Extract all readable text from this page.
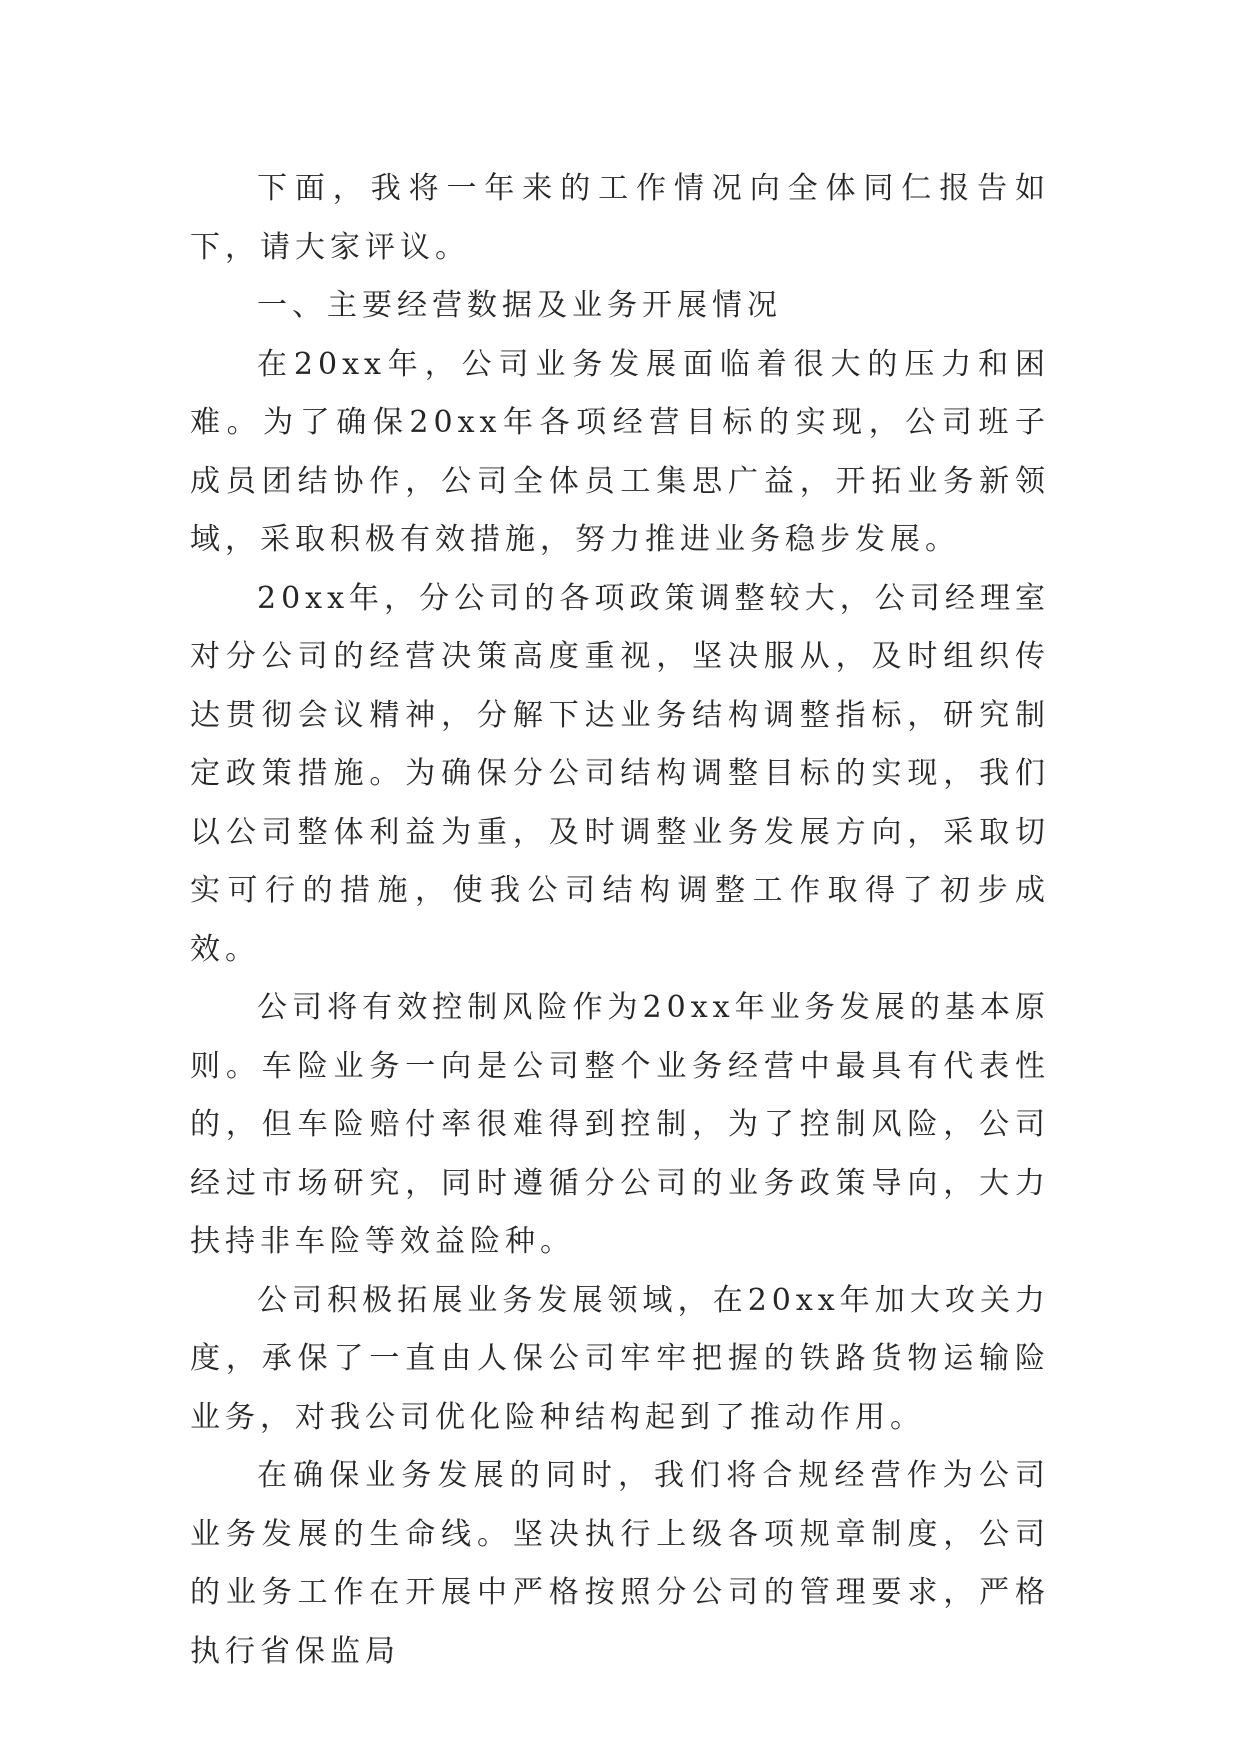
下面，我将一年来的工作情况向全体同仁报告如下，请大家评议。

一、主要经营数据及业务开展情况

在20xx年，公司业务发展面临着很大的压力和困难。为了确保20xx年各项经营目标的实现，公司班子成员团结协作，公司全体员工集思广益，开拓业务新领域，采取积极有效措施，努力推进业务稳步发展。

20xx年，分公司的各项政策调整较大，公司经理室对分公司的经营决策高度重视，坚决服从，及时组织传达贯彻会议精神，分解下达业务结构调整指标，研究制定政策措施。为确保分公司结构调整目标的实现，我们以公司整体利益为重，及时调整业务发展方向，采取切实可行的措施，使我公司结构调整工作取得了初步成效。

公司将有效控制风险作为20xx年业务发展的基本原则。车险业务一向是公司整个业务经营中最具有代表性的，但车险赔付率很难得到控制，为了控制风险，公司经过市场研究，同时遵循分公司的业务政策导向，大力扶持非车险等效益险种。

公司积极拓展业务发展领域，在20xx年加大攻关力度，承保了一直由人保公司牢牢把握的铁路货物运输险业务，对我公司优化险种结构起到了推动作用。

在确保业务发展的同时，我们将合规经营作为公司业务发展的生命线。坚决执行上级各项规章制度，公司的业务工作在开展中严格按照分公司的管理要求，严格执行省保监局
